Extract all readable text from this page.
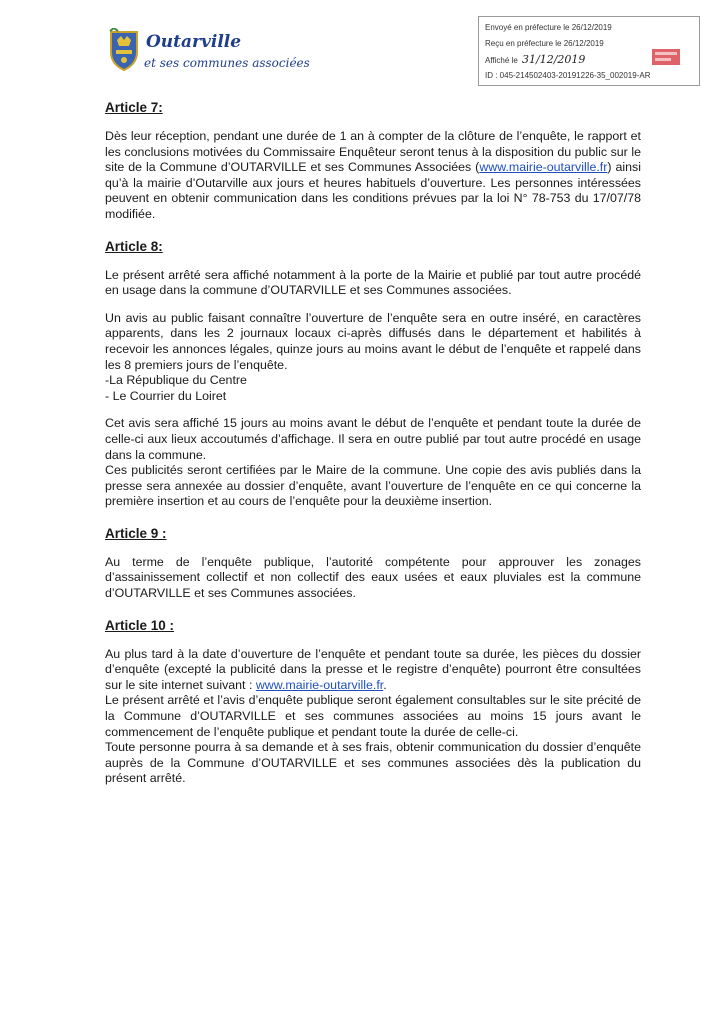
Outarville
et ses communes associées
Envoyé en préfecture le 26/12/2019
Reçu en préfecture le 26/12/2019
Affiché le 31/12/2019
ID : 045-214502403-20191226-35_002019-AR
Article 7:

Dès leur réception, pendant une durée de 1 an à compter de la clôture de l’enquête, le rapport et les conclusions motivées du Commissaire Enquêteur seront tenus à la disposition du public sur le site de la Commune d’OUTARVILLE et ses Communes Associées (www.mairie-outarville.fr) ainsi qu’à la mairie d’Outarville aux jours et heures habituels d’ouverture. Les personnes intéressées peuvent en obtenir communication dans les conditions prévues par la loi N° 78-753 du 17/07/78 modifiée.

Article 8:

Le présent arrêté sera affiché notamment à la porte de la Mairie et publié par tout autre procédé en usage dans la commune d’OUTARVILLE et ses Communes associées.

Un avis au public faisant connaître l’ouverture de l’enquête sera en outre inséré, en caractères apparents, dans les 2 journaux locaux ci-après diffusés dans le département et habilités à recevoir les annonces légales, quinze jours au moins avant le début de l’enquête et rappelé dans les 8 premiers jours de l’enquête.

-La République du Centre

- Le Courrier du Loiret

Cet avis sera affiché 15 jours au moins avant le début de l’enquête et pendant toute la durée de celle-ci aux lieux accoutumés d’affichage. Il sera en outre publié par tout autre procédé en usage dans la commune.

Ces publicités seront certifiées par le Maire de la commune. Une copie des avis publiés dans la presse sera annexée au dossier d’enquête, avant l’ouverture de l’enquête en ce qui concerne la première insertion et au cours de l’enquête pour la deuxième insertion.

Article 9 :

Au terme de l’enquête publique, l’autorité compétente pour approuver les zonages d’assainissement collectif et non collectif des eaux usées et eaux pluviales est la commune d’OUTARVILLE et ses Communes associées.

Article 10 :

Au plus tard à la date d’ouverture de l’enquête et pendant toute sa durée, les pièces du dossier d’enquête (excepté la publicité dans la presse et le registre d’enquête) pourront être consultées sur le site internet suivant : www.mairie-outarville.fr.

Le présent arrêté et l’avis d’enquête publique seront également consultables sur le site précité de la Commune d’OUTARVILLE et ses communes associées au moins 15 jours avant le commencement de l’enquête publique et pendant toute la durée de celle-ci.

Toute personne pourra à sa demande et à ses frais, obtenir communication du dossier d’enquête auprès de la Commune d’OUTARVILLE et ses communes associées dès la publication du présent arrêté.
